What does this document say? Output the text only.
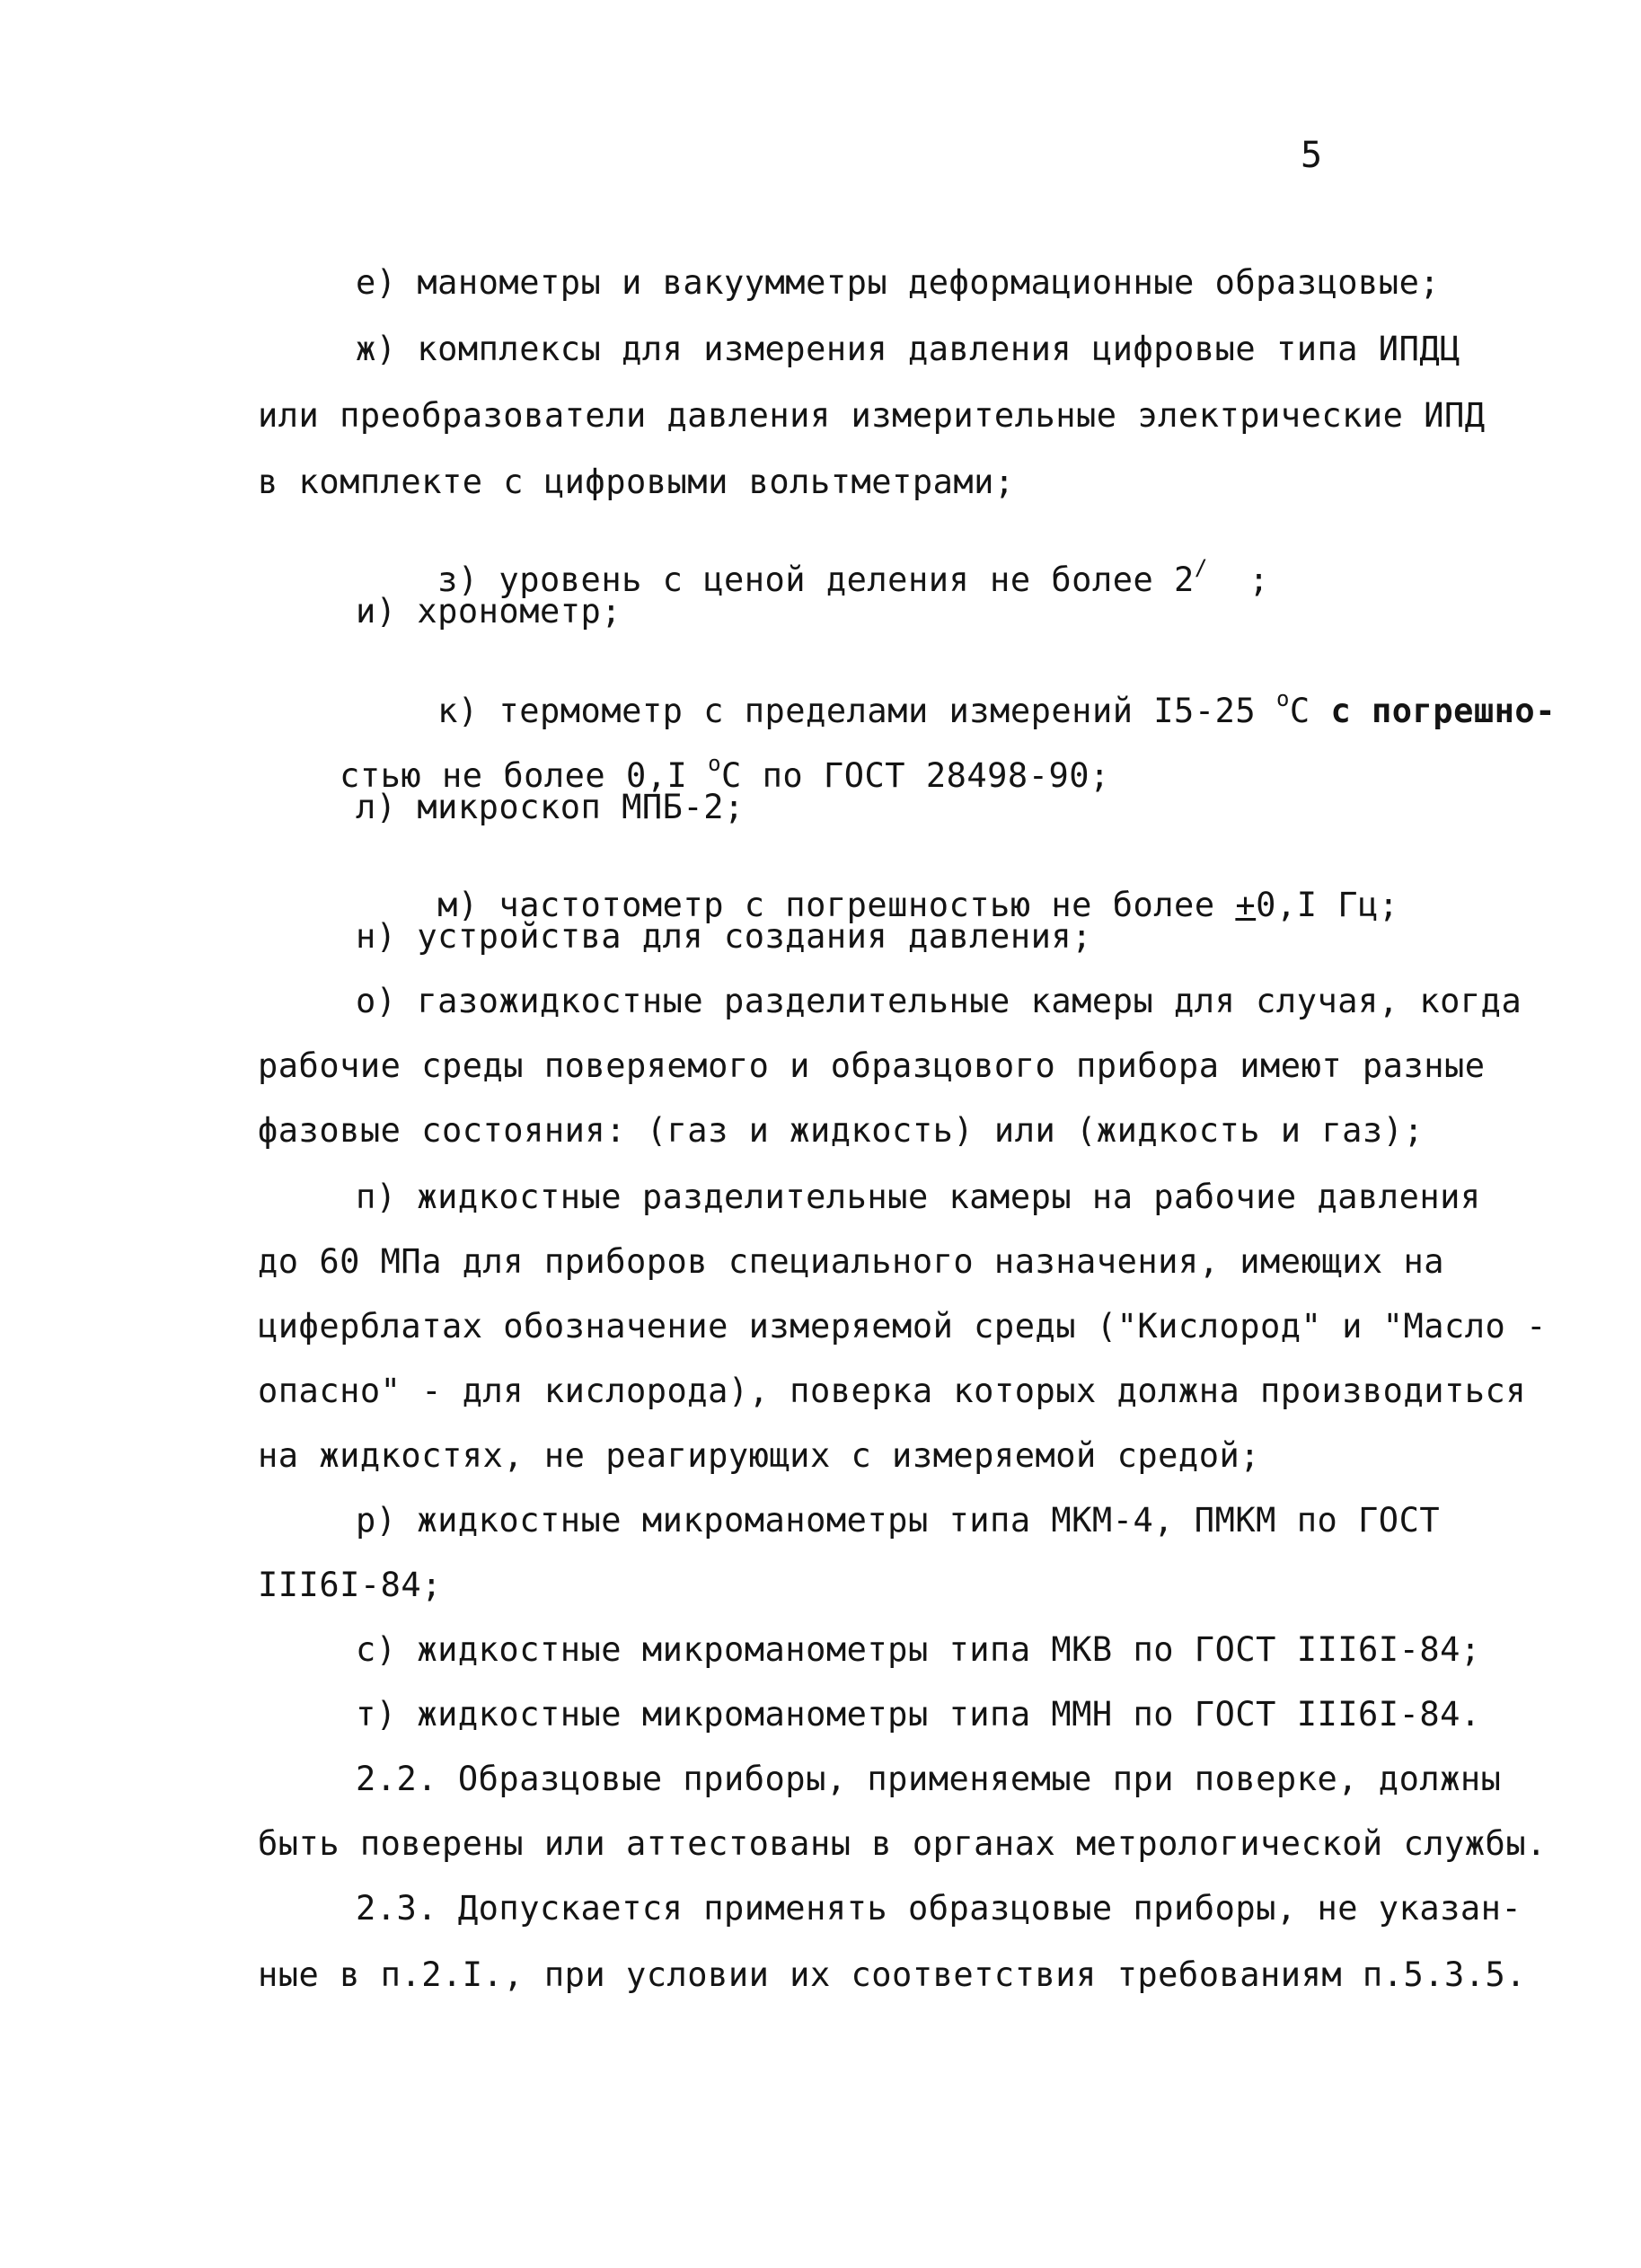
5
е) манометры и вакуумметры деформационные образцовые;
ж) комплексы для измерения давления цифровые типа ИПДЦ
или преобразователи давления измерительные электрические ИПД
в комплекте с цифровыми вольтметрами;

з) уровень с ценой деления не более 2/ ;

и) хронометр;

к) термометр с пределами измерений I5-25 $^o$С с погрешно-

стью не более 0,I $^o$С по ГОСТ 28498-90;

л) микроскоп МПБ-2;

м) частотометр с погрешностью не более +0,I Гц;

н) устройства для создания давления;
о) газожидкостные разделительные камеры для случая, когда
рабочие среды поверяемого и образцового прибора имеют разные
фазовые состояния: (газ и жидкость) или (жидкость и газ);
п) жидкостные разделительные камеры на рабочие давления
до 60 МПа для приборов специального назначения, имеющих на
циферблатах обозначение измеряемой среды ("Кислород" и "Масло -
опасно" - для кислорода), поверка которых должна производиться
на жидкостях, не реагирующих с измеряемой средой;
р) жидкостные микроманометры типа МКМ-4, ПМКМ по ГОСТ
III6I-84;
с) жидкостные микроманометры типа МКВ по ГОСТ III6I-84;
т) жидкостные микроманометры типа ММН по ГОСТ III6I-84.
2.2. Образцовые приборы, применяемые при поверке, должны
быть поверены или аттестованы в органах метрологической службы.
2.3. Допускается применять образцовые приборы, не указан-
ные в п.2.I., при условии их соответствия требованиям п.5.3.5.
